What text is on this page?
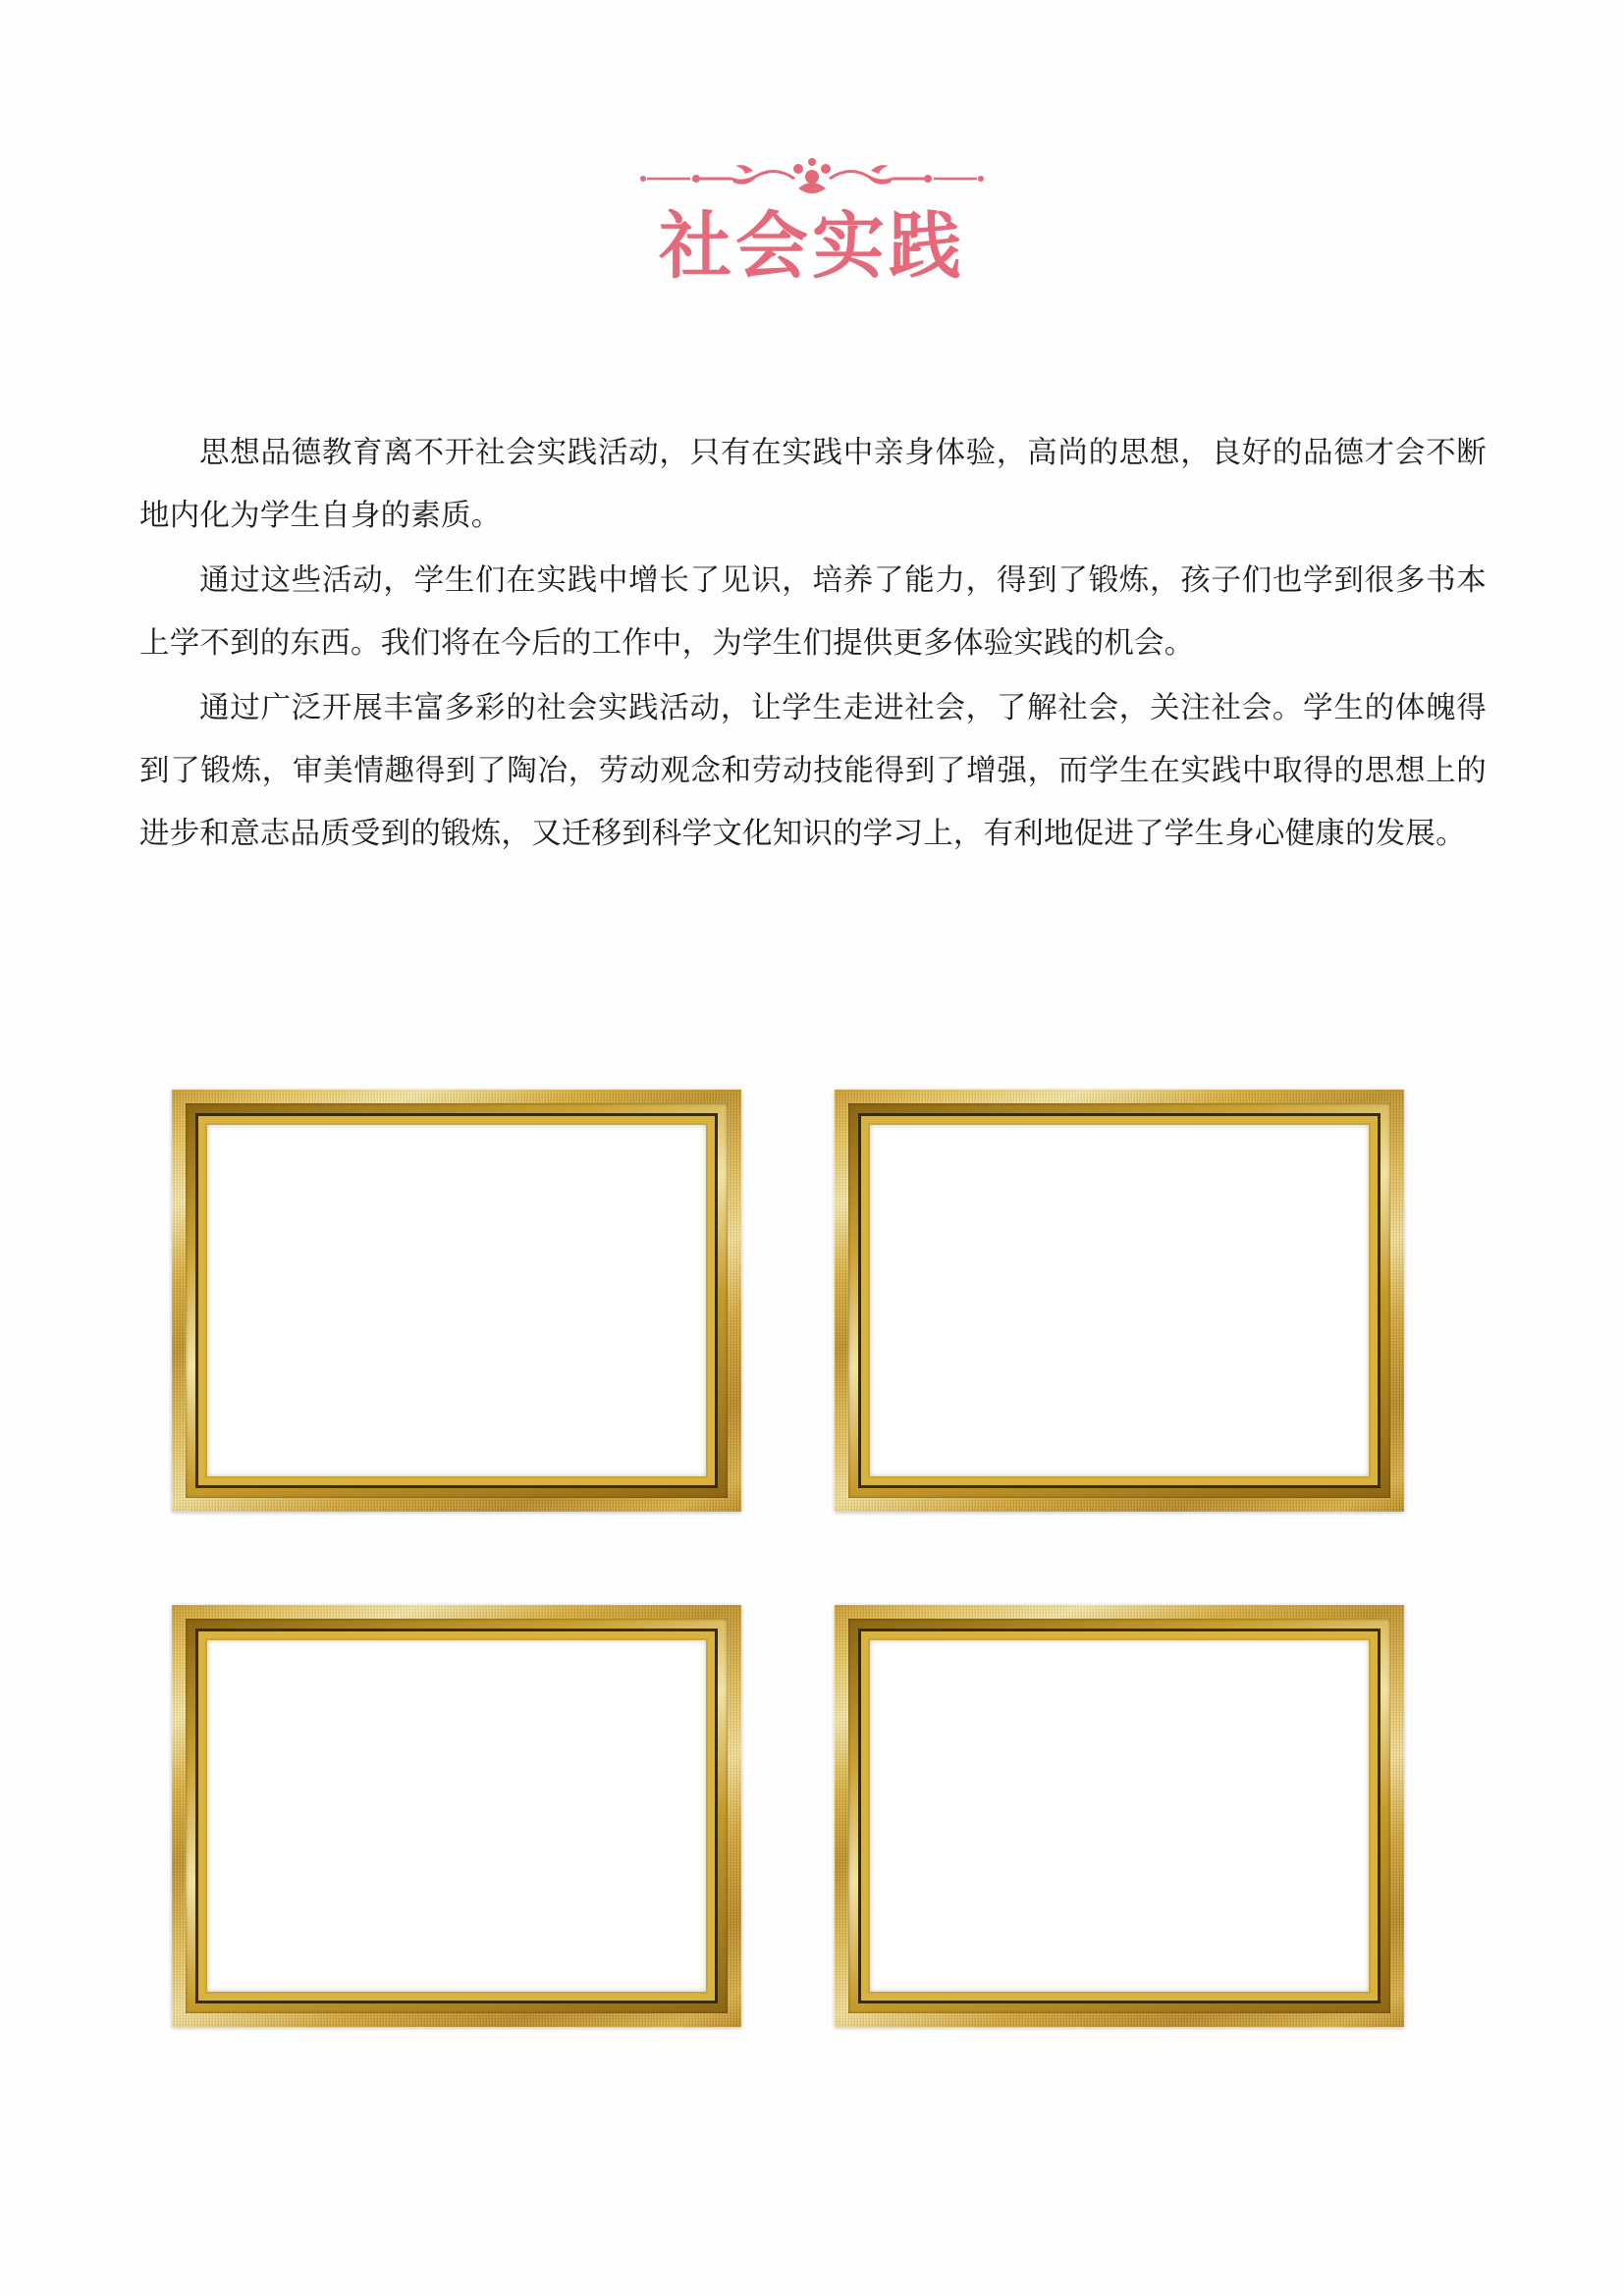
社会实践

思想品德教育离不开社会实践活动，只有在实践中亲身体验，高尚的思想，良好的品德才会不断地内化为学生自身的素质。

通过这些活动，学生们在实践中增长了见识，培养了能力，得到了锻炼，孩子们也学到很多书本上学不到的东西。我们将在今后的工作中，为学生们提供更多体验实践的机会。

通过广泛开展丰富多彩的社会实践活动，让学生走进社会，了解社会，关注社会。学生的体魄得到了锻炼，审美情趣得到了陶冶，劳动观念和劳动技能得到了增强，而学生在实践中取得的思想上的进步和意志品质受到的锻炼，又迁移到科学文化知识的学习上，有利地促进了学生身心健康的发展。
